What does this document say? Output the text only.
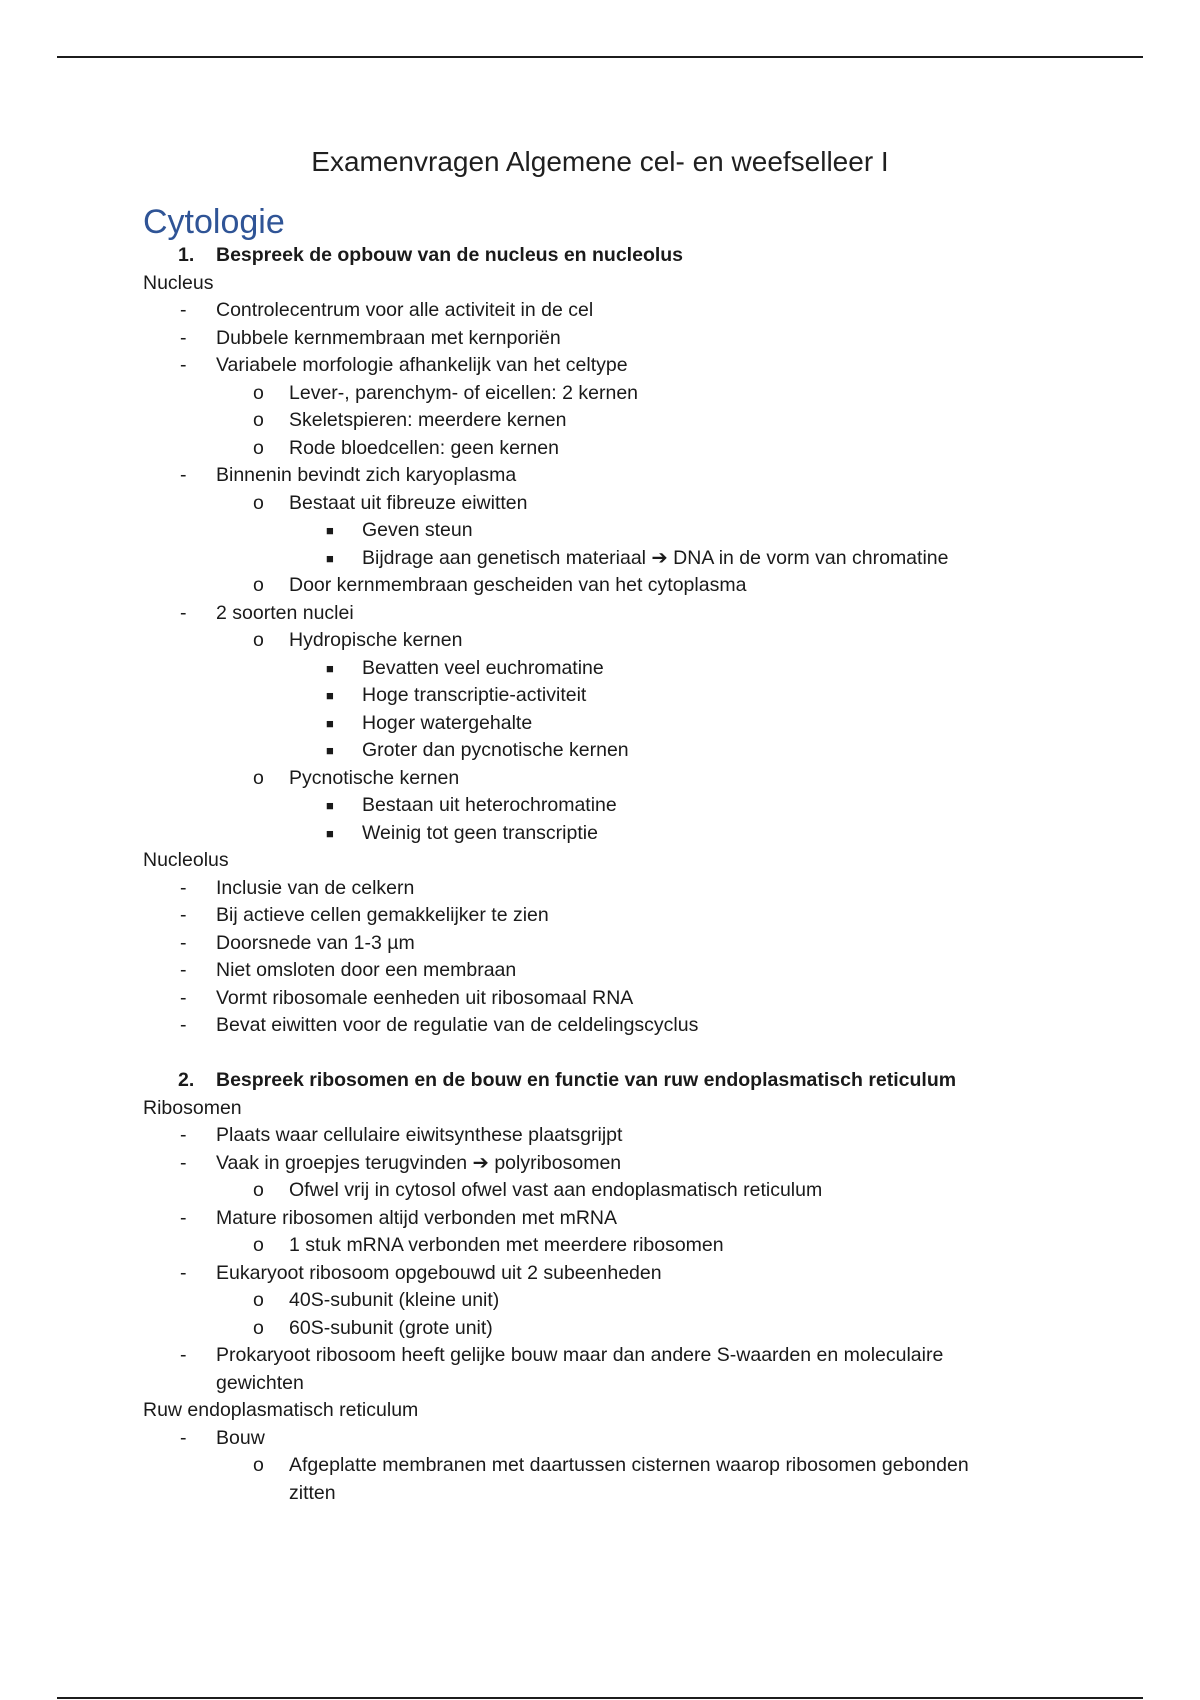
Examenvragen Algemene cel- en weefselleer I
Cytologie
1. Bespreek de opbouw van de nucleus en nucleolus
Nucleus
- Controlecentrum voor alle activiteit in de cel
- Dubbele kernmembraan met kernporiën
- Variabele morfologie afhankelijk van het celtype
o Lever-, parenchym- of eicellen: 2 kernen
o Skeletspieren: meerdere kernen
o Rode bloedcellen: geen kernen
- Binnenin bevindt zich karyoplasma
o Bestaat uit fibreuze eiwitten
■ Geven steun
■ Bijdrage aan genetisch materiaal ➔ DNA in de vorm van chromatine
o Door kernmembraan gescheiden van het cytoplasma
- 2 soorten nuclei
o Hydropische kernen
■ Bevatten veel euchromatine
■ Hoge transcriptie-activiteit
■ Hoger watergehalte
■ Groter dan pycnotische kernen
o Pycnotische kernen
■ Bestaan uit heterochromatine
■ Weinig tot geen transcriptie
Nucleolus
- Inclusie van de celkern
- Bij actieve cellen gemakkelijker te zien
- Doorsnede van 1-3 µm
- Niet omsloten door een membraan
- Vormt ribosomale eenheden uit ribosomaal RNA
- Bevat eiwitten voor de regulatie van de celdelingscyclus
2. Bespreek ribosomen en de bouw en functie van ruw endoplasmatisch reticulum
Ribosomen
- Plaats waar cellulaire eiwitsynthese plaatsgrijpt
- Vaak in groepjes terugvinden ➔ polyribosomen
o Ofwel vrij in cytosol ofwel vast aan endoplasmatisch reticulum
- Mature ribosomen altijd verbonden met mRNA
o 1 stuk mRNA verbonden met meerdere ribosomen
- Eukaryoot ribosoom opgebouwd uit 2 subeenheden
o 40S-subunit (kleine unit)
o 60S-subunit (grote unit)
- Prokaryoot ribosoom heeft gelijke bouw maar dan andere S-waarden en moleculaire
gewichten
Ruw endoplasmatisch reticulum
- Bouw
o Afgeplatte membranen met daartussen cisternen waarop ribosomen gebonden
zitten
